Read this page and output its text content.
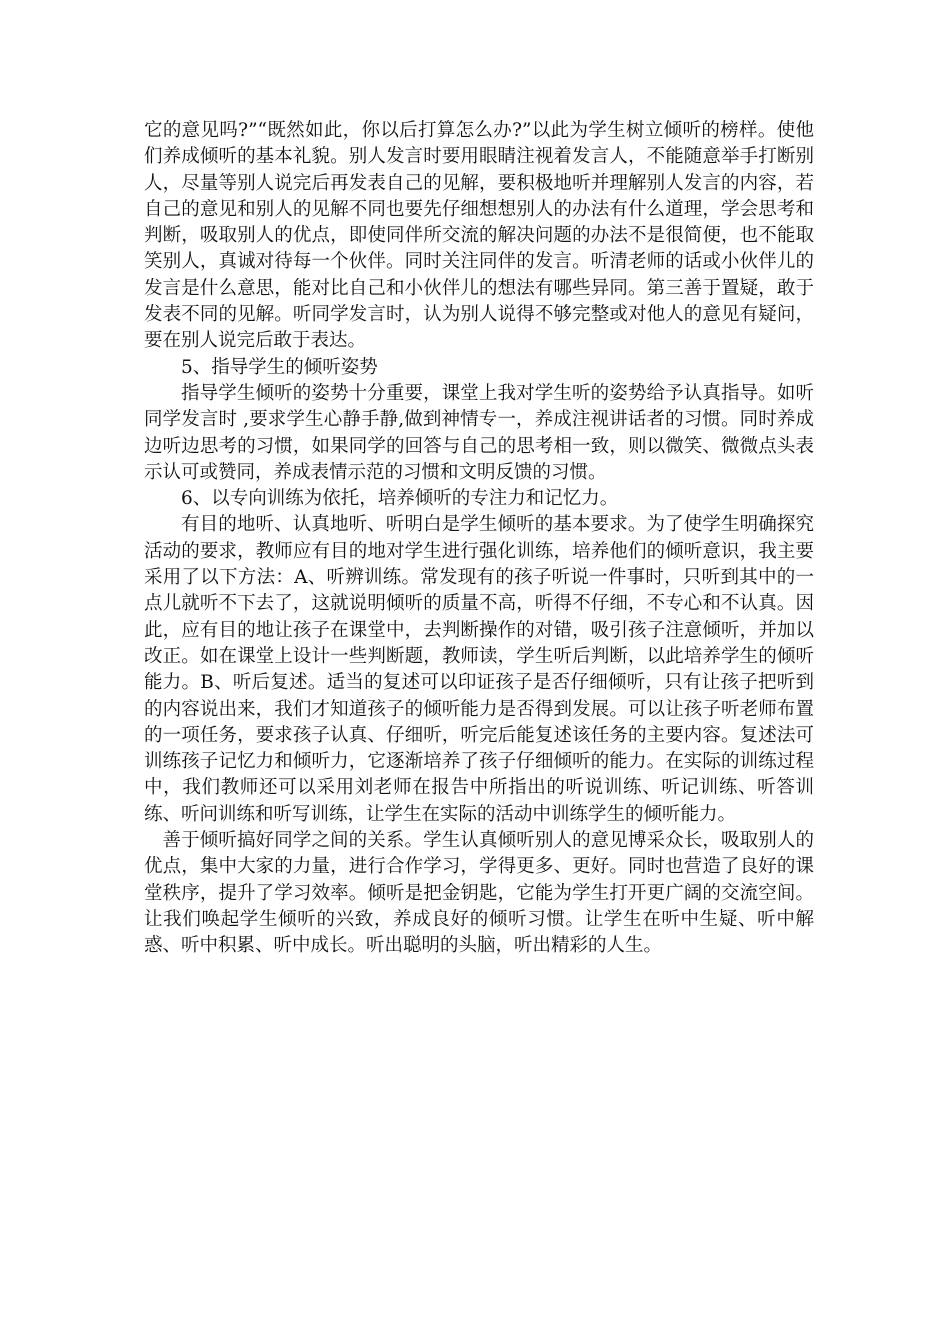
它的意见吗?”“既然如此，你以后打算怎么办?”以此为学生树立倾听的榜样。使他们养成倾听的基本礼貌。别人发言时要用眼睛注视着发言人，不能随意举手打断别人，尽量等别人说完后再发表自己的见解，要积极地听并理解别人发言的内容，若自己的意见和别人的见解不同也要先仔细想想别人的办法有什么道理，学会思考和判断，吸取别人的优点，即使同伴所交流的解决问题的办法不是很简便，也不能取笑别人，真诚对待每一个伙伴。同时关注同伴的发言。听清老师的话或小伙伴儿的发言是什么意思，能对比自己和小伙伴儿的想法有哪些异同。第三善于置疑，敢于发表不同的见解。听同学发言时，认为别人说得不够完整或对他人的意见有疑问，要在别人说完后敢于表达。

5、指导学生的倾听姿势

指导学生倾听的姿势十分重要，课堂上我对学生听的姿势给予认真指导。如听同学发言时 ,要求学生心静手静,做到神情专一，养成注视讲话者的习惯。同时养成边听边思考的习惯，如果同学的回答与自己的思考相一致，则以微笑、微微点头表示认可或赞同，养成表情示范的习惯和文明反馈的习惯。

6、以专向训练为依托，培养倾听的专注力和记忆力。

有目的地听、认真地听、听明白是学生倾听的基本要求。为了使学生明确探究活动的要求，教师应有目的地对学生进行强化训练，培养他们的倾听意识，我主要采用了以下方法：A、听辨训练。常发现有的孩子听说一件事时，只听到其中的一点儿就听不下去了，这就说明倾听的质量不高，听得不仔细，不专心和不认真。因此，应有目的地让孩子在课堂中，去判断操作的对错，吸引孩子注意倾听，并加以改正。如在课堂上设计一些判断题，教师读，学生听后判断，以此培养学生的倾听能力。B、听后复述。适当的复述可以印证孩子是否仔细倾听，只有让孩子把听到的内容说出来，我们才知道孩子的倾听能力是否得到发展。可以让孩子听老师布置的一项任务，要求孩子认真、仔细听，听完后能复述该任务的主要内容。复述法可训练孩子记忆力和倾听力，它逐渐培养了孩子仔细倾听的能力。在实际的训练过程中，我们教师还可以采用刘老师在报告中所指出的听说训练、听记训练、听答训练、听问训练和听写训练，让学生在实际的活动中训练学生的倾听能力。

善于倾听搞好同学之间的关系。学生认真倾听别人的意见博采众长，吸取别人的优点，集中大家的力量，进行合作学习，学得更多、更好。同时也营造了良好的课堂秩序，提升了学习效率。倾听是把金钥匙，它能为学生打开更广阔的交流空间。让我们唤起学生倾听的兴致，养成良好的倾听习惯。让学生在听中生疑、听中解惑、听中积累、听中成长。听出聪明的头脑，听出精彩的人生。
